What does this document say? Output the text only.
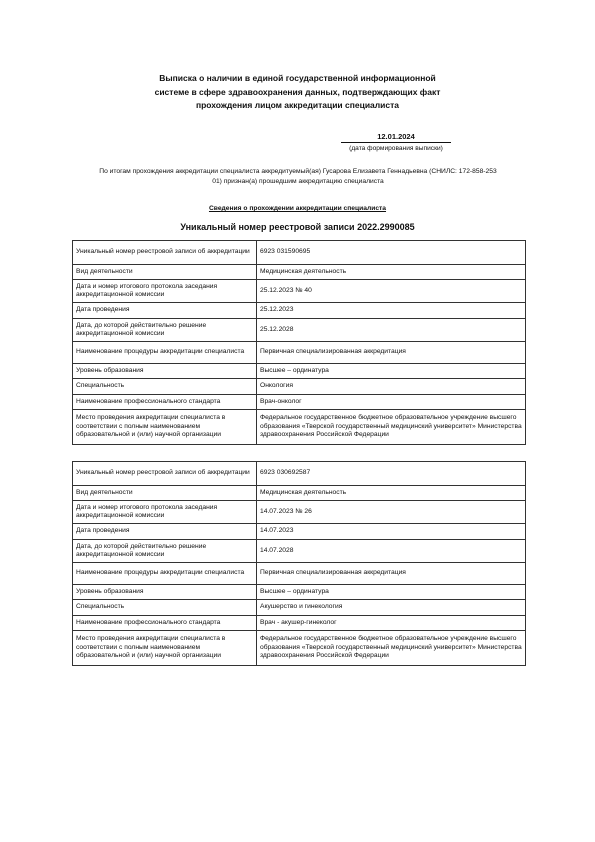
Выписка о наличии в единой государственной информационной
системе в сфере здравоохранения данных, подтверждающих факт
прохождения лицом аккредитации специалиста
12.01.2024
(дата формирования выписки)
По итогам прохождения аккредитации специалиста аккредитуемый(ая) Гусарова Елизавета Геннадьевна (СНИЛС: 172-858-253
01) признан(а) прошедшим аккредитацию специалиста
Сведения о прохождении аккредитации специалиста
Уникальный номер реестровой записи 2022.2990085
Уникальный номер реестровой записи об аккредитации	6923 031590695
Вид деятельности	Медицинская деятельность
Дата и номер итогового протокола заседания аккредитационной комиссии	25.12.2023 № 40
Дата проведения	25.12.2023
Дата, до которой действительно решение аккредитационной комиссии	25.12.2028
Наименование процедуры аккредитации специалиста	Первичная специализированная аккредитация
Уровень образования	Высшее – ординатура
Специальность	Онкология
Наименование профессионального стандарта	Врач-онколог
Место проведения аккредитации специалиста в соответствии с полным наименованием образовательной и (или) научной организации	Федеральное государственное бюджетное образовательное учреждение высшего образования «Тверской государственный медицинский университет» Министерства здравоохранения Российской Федерации
Уникальный номер реестровой записи об аккредитации	6923 030692587
Вид деятельности	Медицинская деятельность
Дата и номер итогового протокола заседания аккредитационной комиссии	14.07.2023 № 26
Дата проведения	14.07.2023
Дата, до которой действительно решение аккредитационной комиссии	14.07.2028
Наименование процедуры аккредитации специалиста	Первичная специализированная аккредитация
Уровень образования	Высшее – ординатура
Специальность	Акушерство и гинекология
Наименование профессионального стандарта	Врач - акушер-гинеколог
Место проведения аккредитации специалиста в соответствии с полным наименованием образовательной и (или) научной организации	Федеральное государственное бюджетное образовательное учреждение высшего образования «Тверской государственный медицинский университет» Министерства здравоохранения Российской Федерации
